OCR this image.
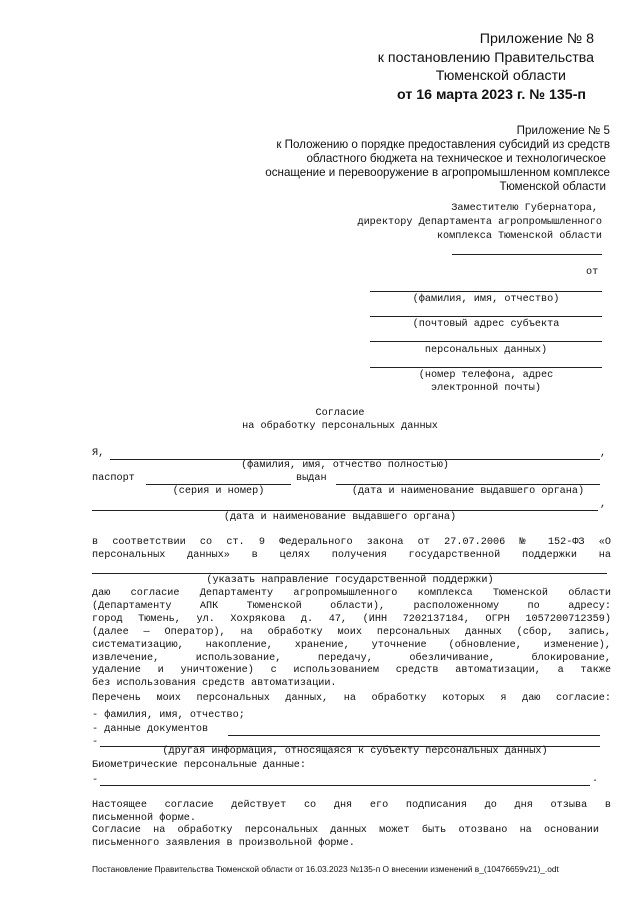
Приложение № 8
к постановлению Правительства
Тюменской области
от 16 марта 2023 г. № 135-п
Приложение № 5
к Положению о порядке предоставления субсидий из средств
областного бюджета на техническое и технологическое
оснащение и перевооружение в агропромышленном комплексе
Тюменской области
Заместителю Губернатора,
директору Департамента агропромышленного
комплекса Тюменской области
от
(фамилия, имя, отчество)
(почтовый адрес субъекта
персональных данных)
(номер телефона, адрес
электронной почты)
Согласие
на обработку персональных данных
Я,	,
(фамилия, имя, отчество полностью)
паспорт	выдан
(серия и номер)	(дата и наименование выдавшего органа)
,
(дата и наименование выдавшего органа)
в соответствии со ст. 9 Федерального закона от 27.07.2006 № 152-ФЗ «О
персональных данных» в целях получения государственной поддержки на
(указать направление государственной поддержки)
даю согласие Департаменту агропромышленного комплекса Тюменской области
(Департаменту АПК Тюменской области), расположенному по адресу:
город Тюмень, ул. Хохрякова д. 47, (ИНН 7202137184, ОГРН 1057200712359)
(далее — Оператор), на обработку моих персональных данных (сбор, запись,
систематизацию, накопление, хранение, уточнение (обновление, изменение),
извлечение, использование, передачу, обезличивание, блокирование,
удаление и уничтожение) с использованием средств автоматизации, а также
без использования средств автоматизации.
Перечень моих персональных данных, на обработку которых я даю согласие:
- фамилия, имя, отчество;
- данные документов
-
(другая информация, относящаяся к субъекту персональных данных)
Биометрические персональные данные:
-	.
Настоящее согласие действует со дня его подписания до дня отзыва в
письменной форме.
Согласие на обработку персональных данных может быть отозвано на основании
письменного заявления в произвольной форме.
Постановление Правительства Тюменской области от 16.03.2023 №135-п О внесении изменений в_(10476659v21)_.odt
